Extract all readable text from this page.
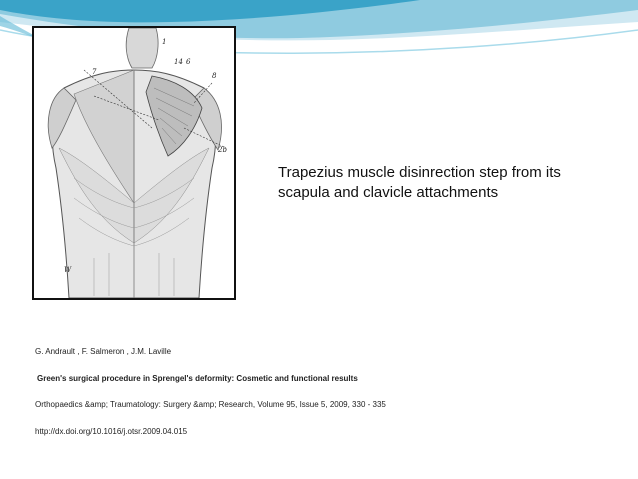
1
14 6
7	8
2b
W
Trapezius muscle disinrection step from its scapula and clavicle attachments
G. Andrault , F. Salmeron , J.M. Laville
Green's surgical procedure in Sprengel's deformity: Cosmetic and functional results
Orthopaedics &amp; Traumatology: Surgery &amp; Research, Volume 95, Issue 5, 2009, 330 - 335
http://dx.doi.org/10.1016/j.otsr.2009.04.015
